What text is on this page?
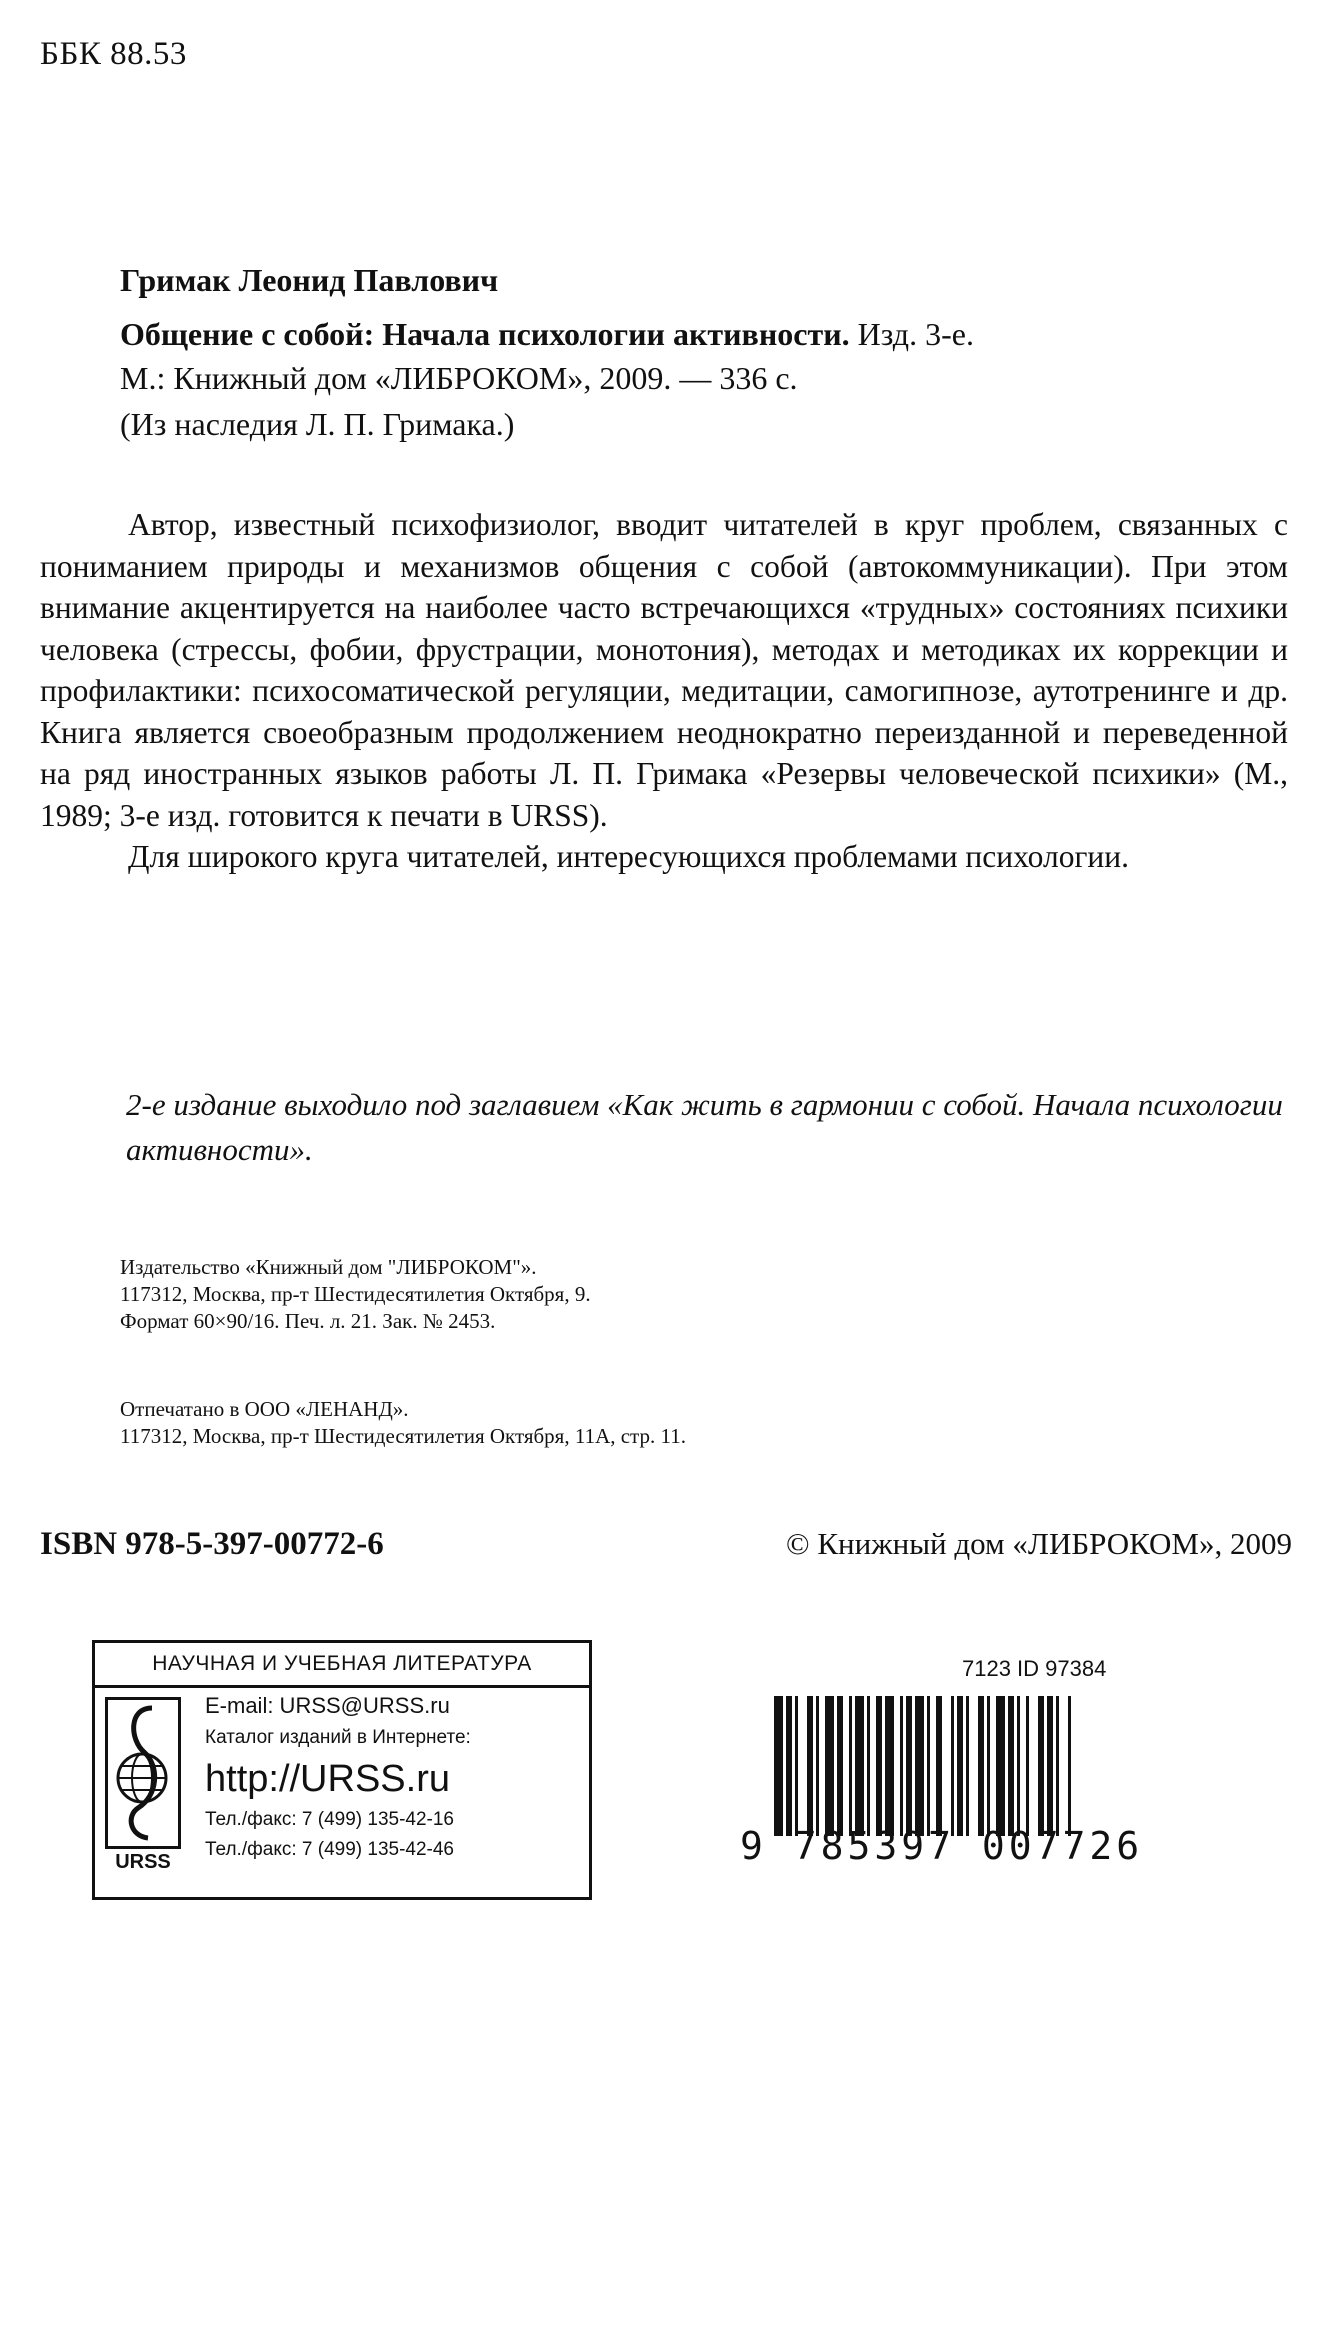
ББК 88.53
Гримак Леонид Павлович
Общение с собой: Начала психологии активности. Изд. 3-е.
М.: Книжный дом «ЛИБРОКОМ», 2009. — 336 с.
(Из наследия Л. П. Гримака.)

Автор, известный психофизиолог, вводит читателей в круг проблем, связанных с пониманием природы и механизмов общения с собой (автокоммуникации). При этом внимание акцентируется на наиболее часто встречающихся «трудных» состояниях психики человека (стрессы, фобии, фрустрации, монотония), методах и методиках их коррекции и профилактики: психосоматической регуляции, медитации, самогипнозе, аутотренинге и др. Книга является своеобразным продолжением неоднократно переизданной и переведенной на ряд иностранных языков работы Л. П. Гримака «Резервы человеческой психики» (М., 1989; 3-е изд. готовится к печати в URSS).

Для широкого круга читателей, интересующихся проблемами психологии.

2-е издание выходило под заглавием «Как жить в гармонии с собой. Начала психологии активности».
Издательство «Книжный дом "ЛИБРОКОМ"».
117312, Москва, пр-т Шестидесятилетия Октября, 9.
Формат 60×90/16. Печ. л. 21. Зак. № 2453.
Отпечатано в ООО «ЛЕНАНД».
117312, Москва, пр-т Шестидесятилетия Октября, 11А, стр. 11.
ISBN 978-5-397-00772-6	© Книжный дом «ЛИБРОКОМ», 2009
НАУЧНАЯ И УЧЕБНАЯ ЛИТЕРАТУРА
URSS
E-mail: URSS@URSS.ru
Каталог изданий в Интернете:
http://URSS.ru
Тел./факс: 7 (499) 135-42-16
Тел./факс: 7 (499) 135-42-46
7123 ID 97384
9 785397 007726
